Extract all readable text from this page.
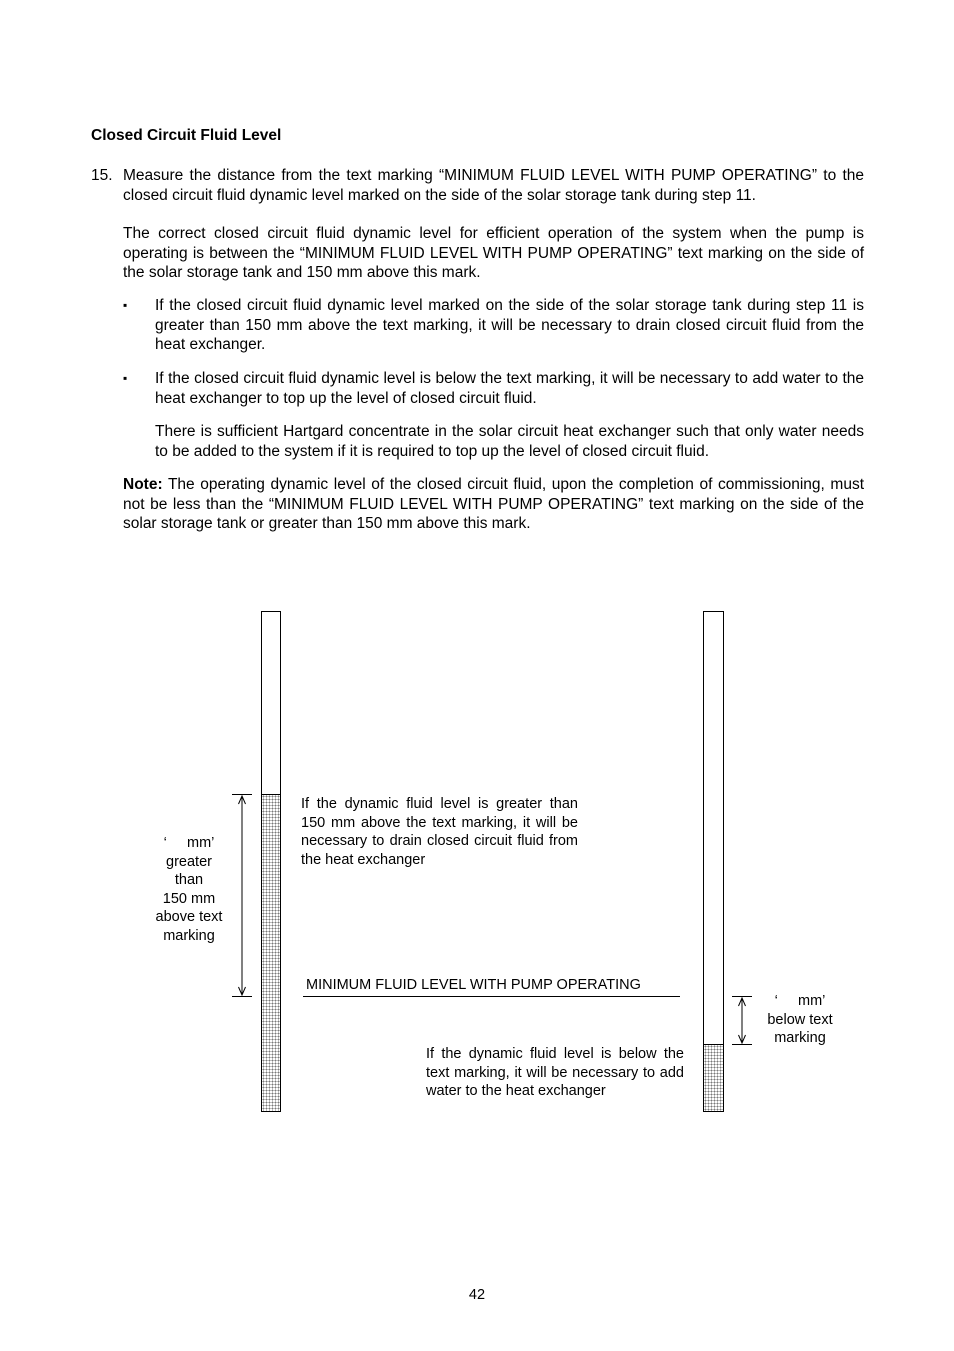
Closed Circuit Fluid Level
15. Measure the distance from the text marking “MINIMUM FLUID LEVEL WITH PUMP OPERATING” to the closed circuit fluid dynamic level marked on the side of the solar storage tank during step 11.
The correct closed circuit fluid dynamic level for efficient operation of the system when the pump is operating is between the “MINIMUM FLUID LEVEL WITH PUMP OPERATING” text marking on the side of the solar storage tank and 150 mm above this mark.
▪	If the closed circuit fluid dynamic level marked on the side of the solar storage tank during step 11 is greater than 150 mm above the text marking, it will be necessary to drain closed circuit fluid from the heat exchanger.
▪	If the closed circuit fluid dynamic level is below the text marking, it will be necessary to add water to the heat exchanger to top up the level of closed circuit fluid.
There is sufficient Hartgard concentrate in the solar circuit heat exchanger such that only water needs to be added to the system if it is required to top up the level of closed circuit fluid.
Note: The operating dynamic level of the closed circuit fluid, upon the completion of commissioning, must not be less than the “MINIMUM FLUID LEVEL WITH PUMP OPERATING” text marking on the side of the solar storage tank or greater than 150 mm above this mark.
‘     mm’
greater
than
150 mm
above text
marking
If the dynamic fluid level is greater than 150 mm above the text marking, it will be necessary to drain closed circuit fluid from the heat exchanger
MINIMUM FLUID LEVEL WITH PUMP OPERATING
If the dynamic fluid level is below the text marking, it will be necessary to add water to the heat exchanger
‘     mm’
below text
marking
42
